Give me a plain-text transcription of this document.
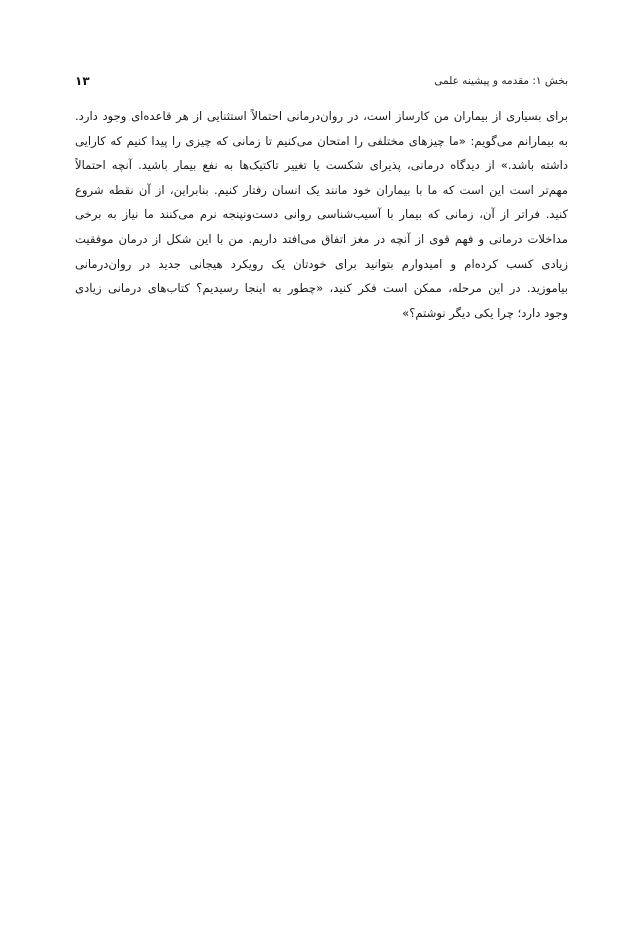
بخش ۱: مقدمه و پیشینه علمی
۱۳
برای بسیاری از بیماران من کارساز است، در روان‌درمانی احتمالاً استثنایی از هر قاعده‌ای وجود دارد.
به بیمارانم می‌گویم: «ما چیزهای مختلفی را امتحان می‌کنیم تا زمانی که چیزی را پیدا کنیم که کارایی
داشته باشد.» از دیدگاه درمانی، پذیرای شکست یا تغییر تاکتیک‌ها به نفع بیمار باشید. آنچه احتمالاً
مهم‌تر است این است که ما با بیماران خود مانند یک انسان رفتار کنیم. بنابراین، از آن نقطه شروع
کنید. فراتر از آن، زمانی که بیمار با آسیب‌شناسی روانی دست‌ونپنجه نرم می‌کنند ما نیاز به برخی
مداخلات درمانی و فهم قوی از آنچه در مغز اتفاق می‌افتد داریم. من با این شکل از درمان موفقیت
زیادی کسب کرده‌ام و امیدوارم بتوانید برای خودتان یک رویکرد هیجانی جدید در روان‌درمانی
بیاموزید. در این مرحله، ممکن است فکر کنید، «چطور به اینجا رسیدیم؟ کتاب‌های درمانی زیادی
وجود دارد؛ چرا یکی دیگر نوشتم؟»
